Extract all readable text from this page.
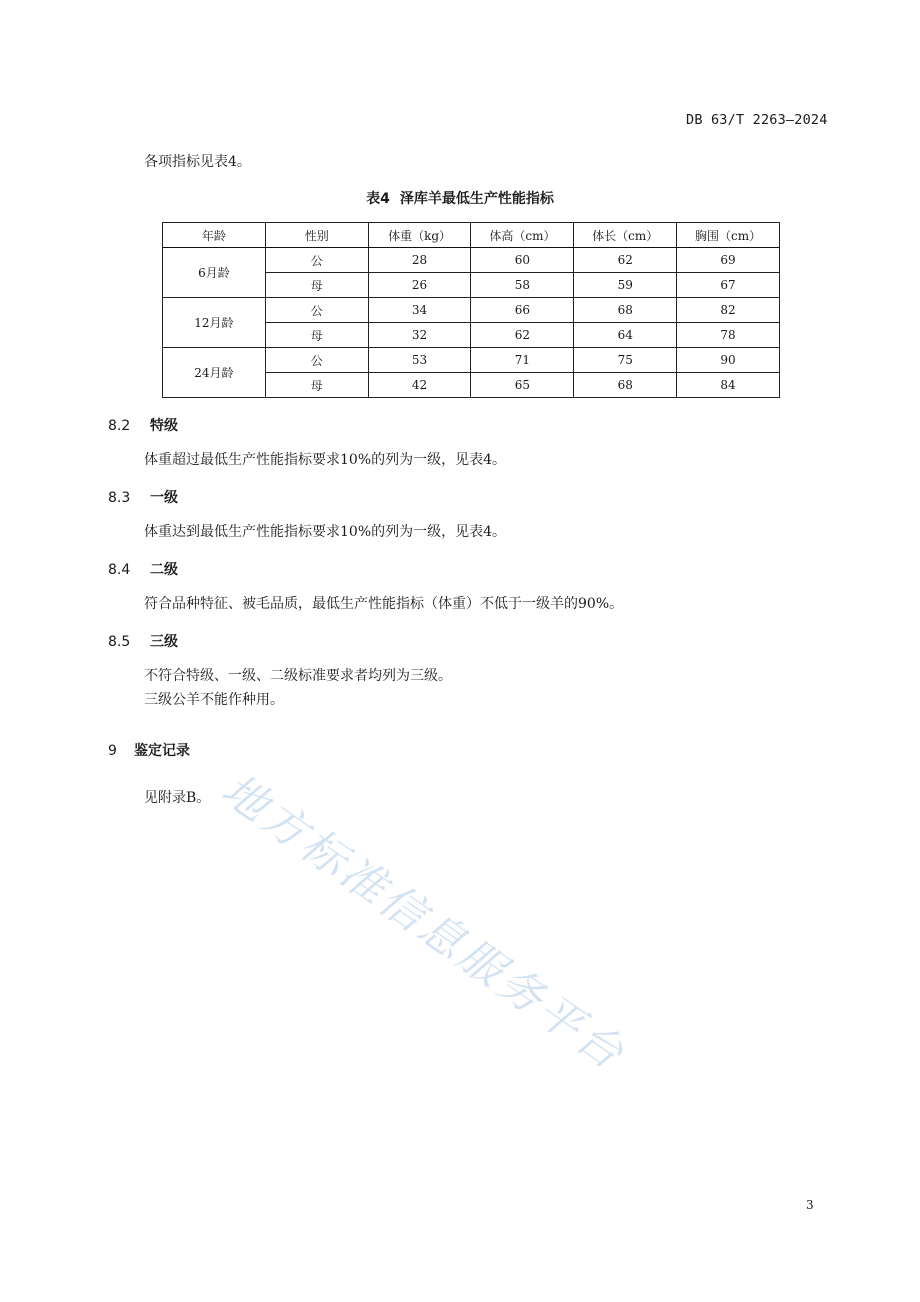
DB 63/T 2263—2024
各项指标见表4。
表4 泽库羊最低生产性能指标
年龄	性别	体重（kg）	体高（cm）	体长（cm）	胸围（cm）
6月龄	公	28	60	62	69
	母	26	58	59	67
12月龄	公	34	66	68	82
	母	32	62	64	78
24月龄	公	53	71	75	90
	母	42	65	68	84
8.2 特级
体重超过最低生产性能指标要求10%的列为一级，见表4。
8.3 一级
体重达到最低生产性能指标要求10%的列为一级，见表4。
8.4 二级
符合品种特征、被毛品质，最低生产性能指标（体重）不低于一级羊的90%。
8.5 三级
不符合特级、一级、二级标准要求者均列为三级。
三级公羊不能作种用。
9 鉴定记录
见附录B。 地方标准信息服务平台
3
